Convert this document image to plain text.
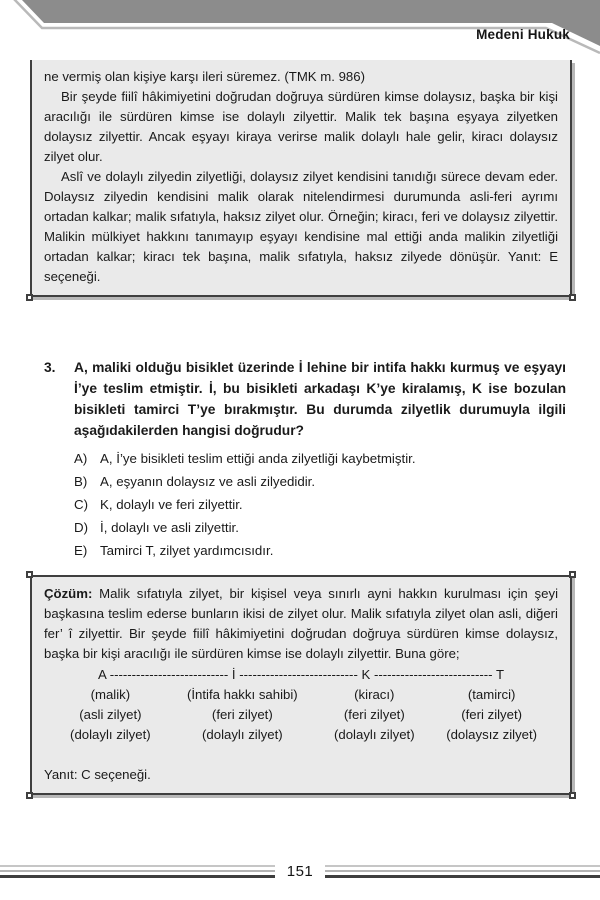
Medeni Hukuk

ne vermiş olan kişiye karşı ileri süremez. (TMK m. 986)

Bir şeyde fiilî hâkimiyetini doğrudan doğruya sürdüren kimse dolaysız, başka bir kişi aracılığı ile sürdüren kimse ise dolaylı zilyettir. Malik tek başına eşyaya zilyetken dolaysız zilyettir. Ancak eşyayı kiraya verirse malik dolaylı hale gelir, kiracı dolaysız zilyet olur.

Aslî ve dolaylı zilyedin zilyetliği, dolaysız zilyet kendisini tanıdığı sürece devam eder. Dolaysız zilyedin kendisini malik olarak nitelendirmesi durumunda asli-feri ayrımı ortadan kalkar; malik sıfatıyla, haksız zilyet olur. Örneğin; kiracı, feri ve dolaysız zilyettir. Malikin mülkiyet hakkını tanımayıp eşyayı kendisine mal ettiği anda malikin zilyetliği ortadan kalkar; kiracı tek başına, malik sıfatıyla, haksız zilyede dönüşür. Yanıt: E seçeneği.

3.	A, maliki olduğu bisiklet üzerinde İ lehine bir intifa hakkı kurmuş ve eşyayı İ’ye teslim etmiştir. İ, bu bisikleti arkadaşı K’ye kiralamış, K ise bozulan bisikleti tamirci T’ye bırakmıştır. Bu durumda zilyetlik durumuyla ilgili aşağıdakilerden hangisi doğrudur?

A) A, İ’ye bisikleti teslim ettiği anda zilyetliği kaybetmiştir.
B) A, eşyanın dolaysız ve asli zilyedidir.
C) K, dolaylı ve feri zilyettir.
D) İ, dolaylı ve asli zilyettir.
E) Tamirci T, zilyet yardımcısıdır.

Çözüm: Malik sıfatıyla zilyet, bir kişisel veya sınırlı ayni hakkın kurulması için şeyi başkasına teslim ederse bunların ikisi de zilyet olur. Malik sıfatıyla zilyet olan asli, diğeri fer’ î zilyettir. Bir şeyde fiilî hâkimiyetini doğrudan doğruya sürdüren kimse dolaysız, başka bir kişi aracılığı ile sürdüren kimse ise dolaylı zilyettir. Buna göre;

A --------------------------- İ --------------------------- K --------------------------- T
(malik)	(İntifa hakkı sahibi)	(kiracı)	(tamirci)
(asli zilyet)	(feri zilyet)	(feri zilyet)	(feri zilyet)
(dolaylı zilyet)	(dolaylı zilyet)	(dolaylı zilyet)	(dolaysız zilyet)

Yanıt: C seçeneği.

151
